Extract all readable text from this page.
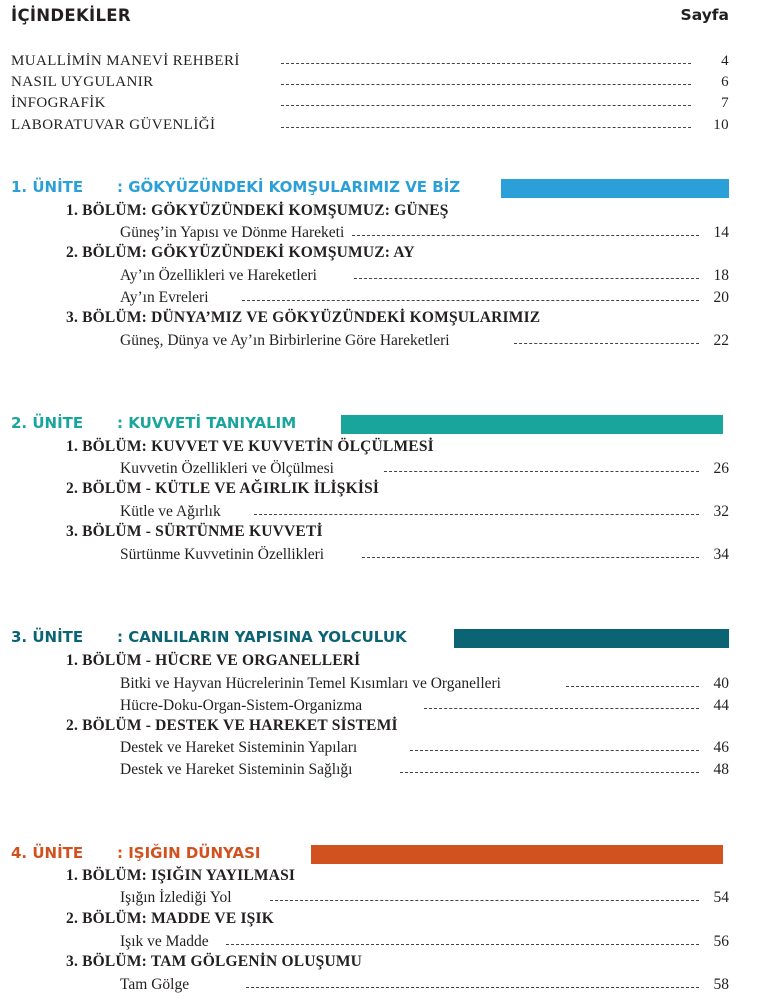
İÇİNDEKİLER	Sayfa
MUALLİMİN MANEVİ REHBERİ	4
NASIL UYGULANIR	6
İNFOGRAFİK	7
LABORATUVAR GÜVENLİĞİ	10
1. ÜNİTE : GÖKYÜZÜNDEKİ KOMŞULARIMIZ VE BİZ
1. BÖLÜM: GÖKYÜZÜNDEKİ KOMŞUMUZ: GÜNEŞ
Güneş’in Yapısı ve Dönme Hareketi	14
2. BÖLÜM: GÖKYÜZÜNDEKİ KOMŞUMUZ: AY
Ay’ın Özellikleri ve Hareketleri	18
Ay’ın Evreleri	20
3. BÖLÜM: DÜNYA’MIZ VE GÖKYÜZÜNDEKİ KOMŞULARIMIZ
Güneş, Dünya ve Ay’ın Birbirlerine Göre Hareketleri	22
2. ÜNİTE : KUVVETİ TANIYALIM
1. BÖLÜM: KUVVET VE KUVVETİN ÖLÇÜLMESİ
Kuvvetin Özellikleri ve Ölçülmesi	26
2. BÖLÜM - KÜTLE VE AĞIRLIK İLİŞKİSİ
Kütle ve Ağırlık	32
3. BÖLÜM - SÜRTÜNME KUVVETİ
Sürtünme Kuvvetinin Özellikleri	34
3. ÜNİTE : CANLILARIN YAPISINA YOLCULUK
1. BÖLÜM - HÜCRE VE ORGANELLERİ
Bitki ve Hayvan Hücrelerinin Temel Kısımları ve Organelleri	40
Hücre-Doku-Organ-Sistem-Organizma	44
2. BÖLÜM - DESTEK VE HAREKET SİSTEMİ
Destek ve Hareket Sisteminin Yapıları	46
Destek ve Hareket Sisteminin Sağlığı	48
4. ÜNİTE : IŞIĞIN DÜNYASI
1. BÖLÜM: IŞIĞIN YAYILMASI
Işığın İzlediği Yol	54
2. BÖLÜM: MADDE VE IŞIK
Işık ve Madde	56
3. BÖLÜM: TAM GÖLGENİN OLUŞUMU
Tam Gölge	58
